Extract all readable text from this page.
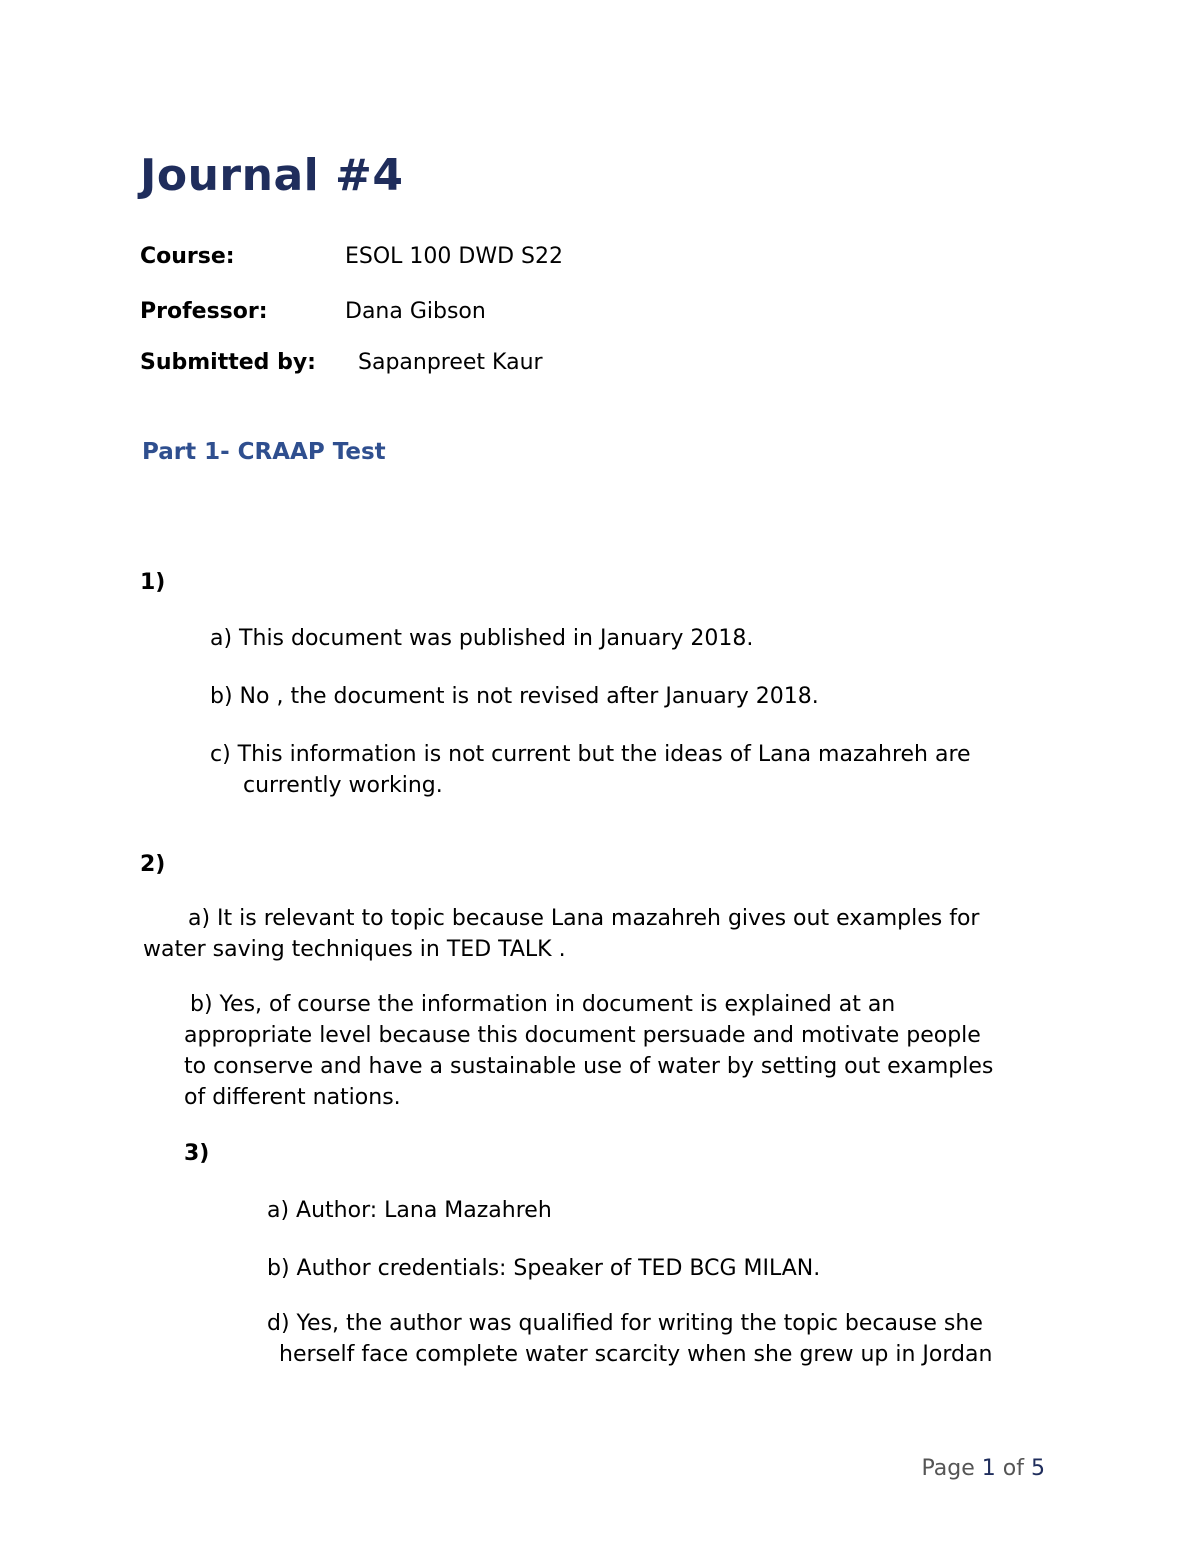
Journal #4
Course:	ESOL 100 DWD S22
Professor:	Dana Gibson
Submitted by: Sapanpreet Kaur
Part 1- CRAAP Test
1)
a) This document was published in January 2018.
b) No , the document is not revised after January 2018.
c) This information is not current but the ideas of Lana mazahreh are
currently working.
2)
a) It is relevant to topic because Lana mazahreh gives out examples for
water saving techniques in TED TALK .
b) Yes, of course the information in document is explained at an
appropriate level because this document persuade and motivate people
to conserve and have a sustainable use of water by setting out examples
of different nations.
3)
a) Author: Lana Mazahreh
b) Author credentials: Speaker of TED BCG MILAN.
d) Yes, the author was qualified for writing the topic because she
herself face complete water scarcity when she grew up in Jordan
Page 1 of 5
